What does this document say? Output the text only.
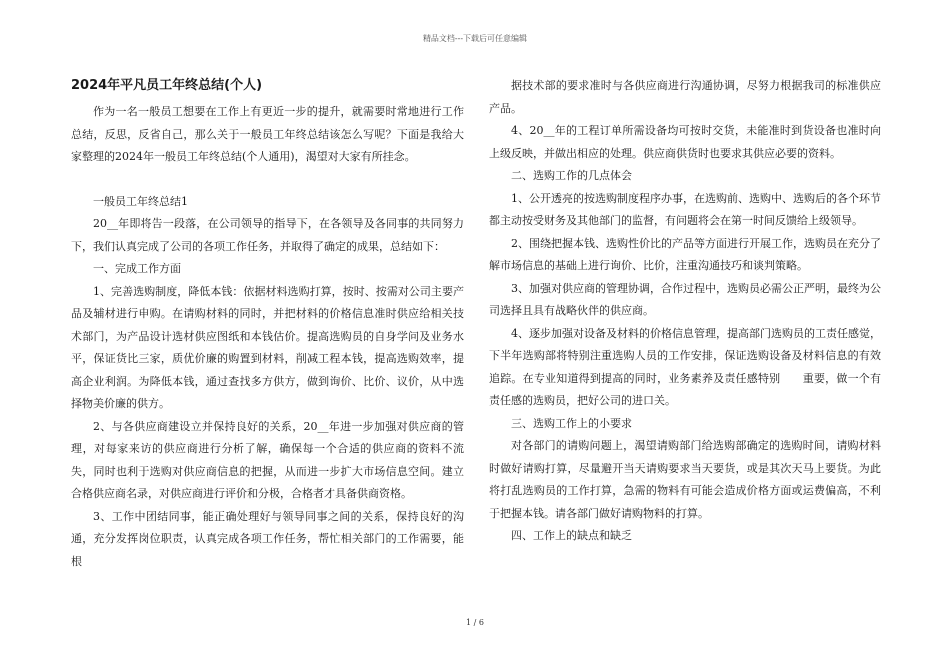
精品文档---下载后可任意编辑
2024年平凡员工年终总结(个人)

作为一名一般员工想要在工作上有更近一步的提升，就需要时常地进行工作总结，反思，反省自己，那么关于一般员工年终总结该怎么写呢？下面是我给大家整理的2024年一般员工年终总结(个人通用)，渴望对大家有所挂念。

一般员工年终总结1

20__年即将告一段落，在公司领导的指导下，在各领导及各同事的共同努力下，我们认真完成了公司的各项工作任务，并取得了确定的成果，总结如下：

一、完成工作方面

1、完善选购制度，降低本钱：依据材料选购打算，按时、按需对公司主要产品及辅材进行申购。在请购材料的同时，并把材料的价格信息准时供应给相关技术部门，为产品设计选材供应图纸和本钱估价。提高选购员的自身学问及业务水平，保证货比三家，质优价廉的购置到材料，削减工程本钱，提高选购效率，提高企业利润。为降低本钱，通过查找多方供方，做到询价、比价、议价，从中选择物美价廉的供方。

2、与各供应商建设立并保持良好的关系，20__年进一步加强对供应商的管理，对每家来访的供应商进行分析了解，确保每一个合适的供应商的资料不流失，同时也利于选购对供应商信息的把握，从而进一步扩大市场信息空间。建立合格供应商名录，对供应商进行评价和分极，合格者才具备供商资格。

3、工作中团结同事，能正确处理好与领导同事之间的关系，保持良好的沟通，充分发挥岗位职责，认真完成各项工作任务，帮忙相关部门的工作需要，能根

据技术部的要求准时与各供应商进行沟通协调，尽努力根据我司的标准供应产品。

4、20__年的工程订单所需设备均可按时交货，未能准时到货设备也准时向上级反映，并做出相应的处理。供应商供货时也要求其供应必要的资料。

二、选购工作的几点体会

1、公开透亮的按选购制度程序办事，在选购前、选购中、选购后的各个环节都主动按受财务及其他部门的监督，有问题将会在第一时间反馈给上级领导。

2、围绕把握本钱、选购性价比的产品等方面进行开展工作，选购员在充分了解市场信息的基础上进行询价、比价，注重沟通技巧和谈判策略。

3、加强对供应商的管理协调，合作过程中，选购员必需公正严明，最终为公司选择且具有战略伙伴的供应商。

4、逐步加强对设备及材料的价格信息管理，提高部门选购员的工责任感觉，下半年选购部将特别注重选购人员的工作安排，保证选购设备及材料信息的有效追踪。在专业知道得到提高的同时，业务素养及责任感特别　　重要，做一个有责任感的选购员，把好公司的进口关。

三、选购工作上的小要求

对各部门的请购问题上，渴望请购部门给选购部确定的选购时间，请购材料时做好请购打算，尽量避开当天请购要求当天要货，或是其次天马上要货。为此将打乱选购员的工作打算，急需的物料有可能会造成价格方面或运费偏高，不利于把握本钱。请各部门做好请购物料的打算。

四、工作上的缺点和缺乏

1 / 6
